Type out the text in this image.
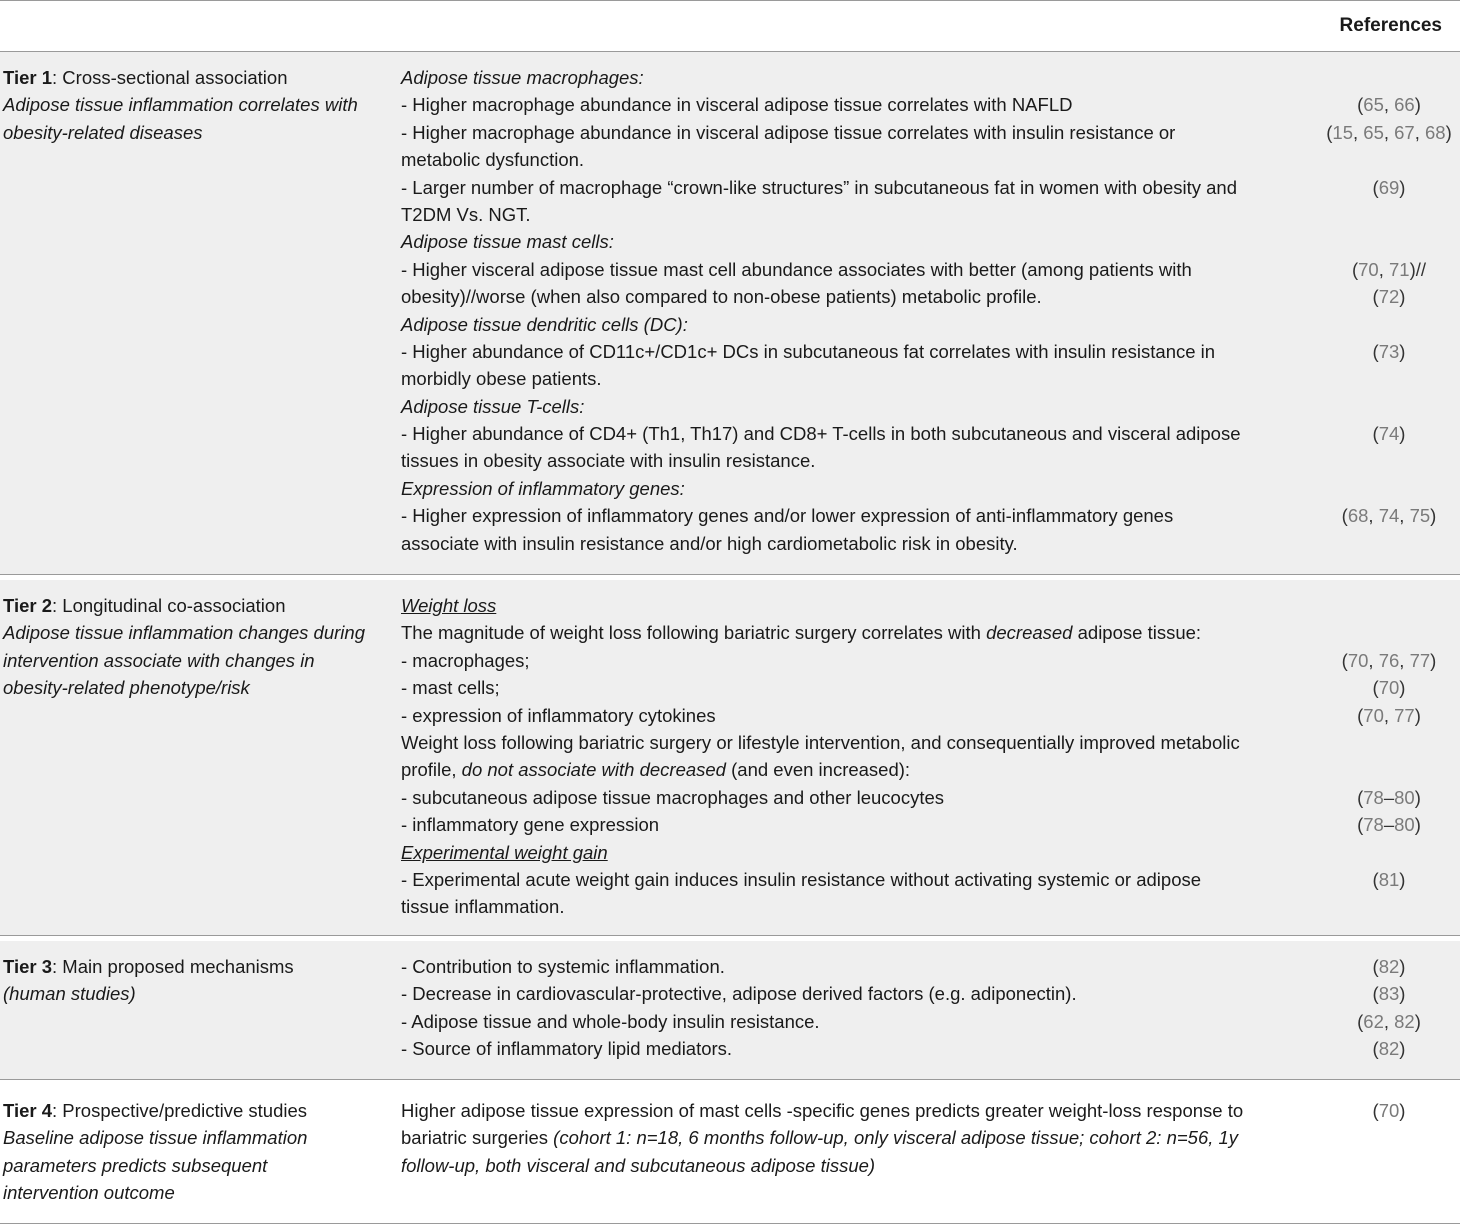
References
Tier 1: Cross-sectional association
Adipose tissue inflammation correlates with
obesity-related diseases
Adipose tissue macrophages:
- Higher macrophage abundance in visceral adipose tissue correlates with NAFLD
- Higher macrophage abundance in visceral adipose tissue correlates with insulin resistance or
metabolic dysfunction.
- Larger number of macrophage “crown-like structures” in subcutaneous fat in women with obesity and
T2DM Vs. NGT.
Adipose tissue mast cells:
- Higher visceral adipose tissue mast cell abundance associates with better (among patients with
obesity)//worse (when also compared to non-obese patients) metabolic profile.
Adipose tissue dendritic cells (DC):
- Higher abundance of CD11c+/CD1c+ DCs in subcutaneous fat correlates with insulin resistance in
morbidly obese patients.
Adipose tissue T-cells:
- Higher abundance of CD4+ (Th1, Th17) and CD8+ T-cells in both subcutaneous and visceral adipose
tissues in obesity associate with insulin resistance.
Expression of inflammatory genes:
- Higher expression of inflammatory genes and/or lower expression of anti-inflammatory genes
associate with insulin resistance and/or high cardiometabolic risk in obesity.
(65, 66)
(15, 65, 67, 68)
(69)
(70, 71)//
(72)
(73)
(74)
(68, 74, 75)
Tier 2: Longitudinal co-association
Adipose tissue inflammation changes during
intervention associate with changes in
obesity-related phenotype/risk
Weight loss
The magnitude of weight loss following bariatric surgery correlates with decreased adipose tissue:
- macrophages;
- mast cells;
- expression of inflammatory cytokines
Weight loss following bariatric surgery or lifestyle intervention, and consequentially improved metabolic
profile, do not associate with decreased (and even increased):
- subcutaneous adipose tissue macrophages and other leucocytes
- inflammatory gene expression
Experimental weight gain
- Experimental acute weight gain induces insulin resistance without activating systemic or adipose
tissue inflammation.
(70, 76, 77)
(70)
(70, 77)
(78–80)
(78–80)
(81)
Tier 3: Main proposed mechanisms
(human studies)
- Contribution to systemic inflammation.
- Decrease in cardiovascular-protective, adipose derived factors (e.g. adiponectin).
- Adipose tissue and whole-body insulin resistance.
- Source of inflammatory lipid mediators.
(82)
(83)
(62, 82)
(82)
Tier 4: Prospective/predictive studies
Baseline adipose tissue inflammation
parameters predicts subsequent
intervention outcome
Higher adipose tissue expression of mast cells -specific genes predicts greater weight-loss response to
bariatric surgeries (cohort 1: n=18, 6 months follow-up, only visceral adipose tissue; cohort 2: n=56, 1y
follow-up, both visceral and subcutaneous adipose tissue)
(70)
